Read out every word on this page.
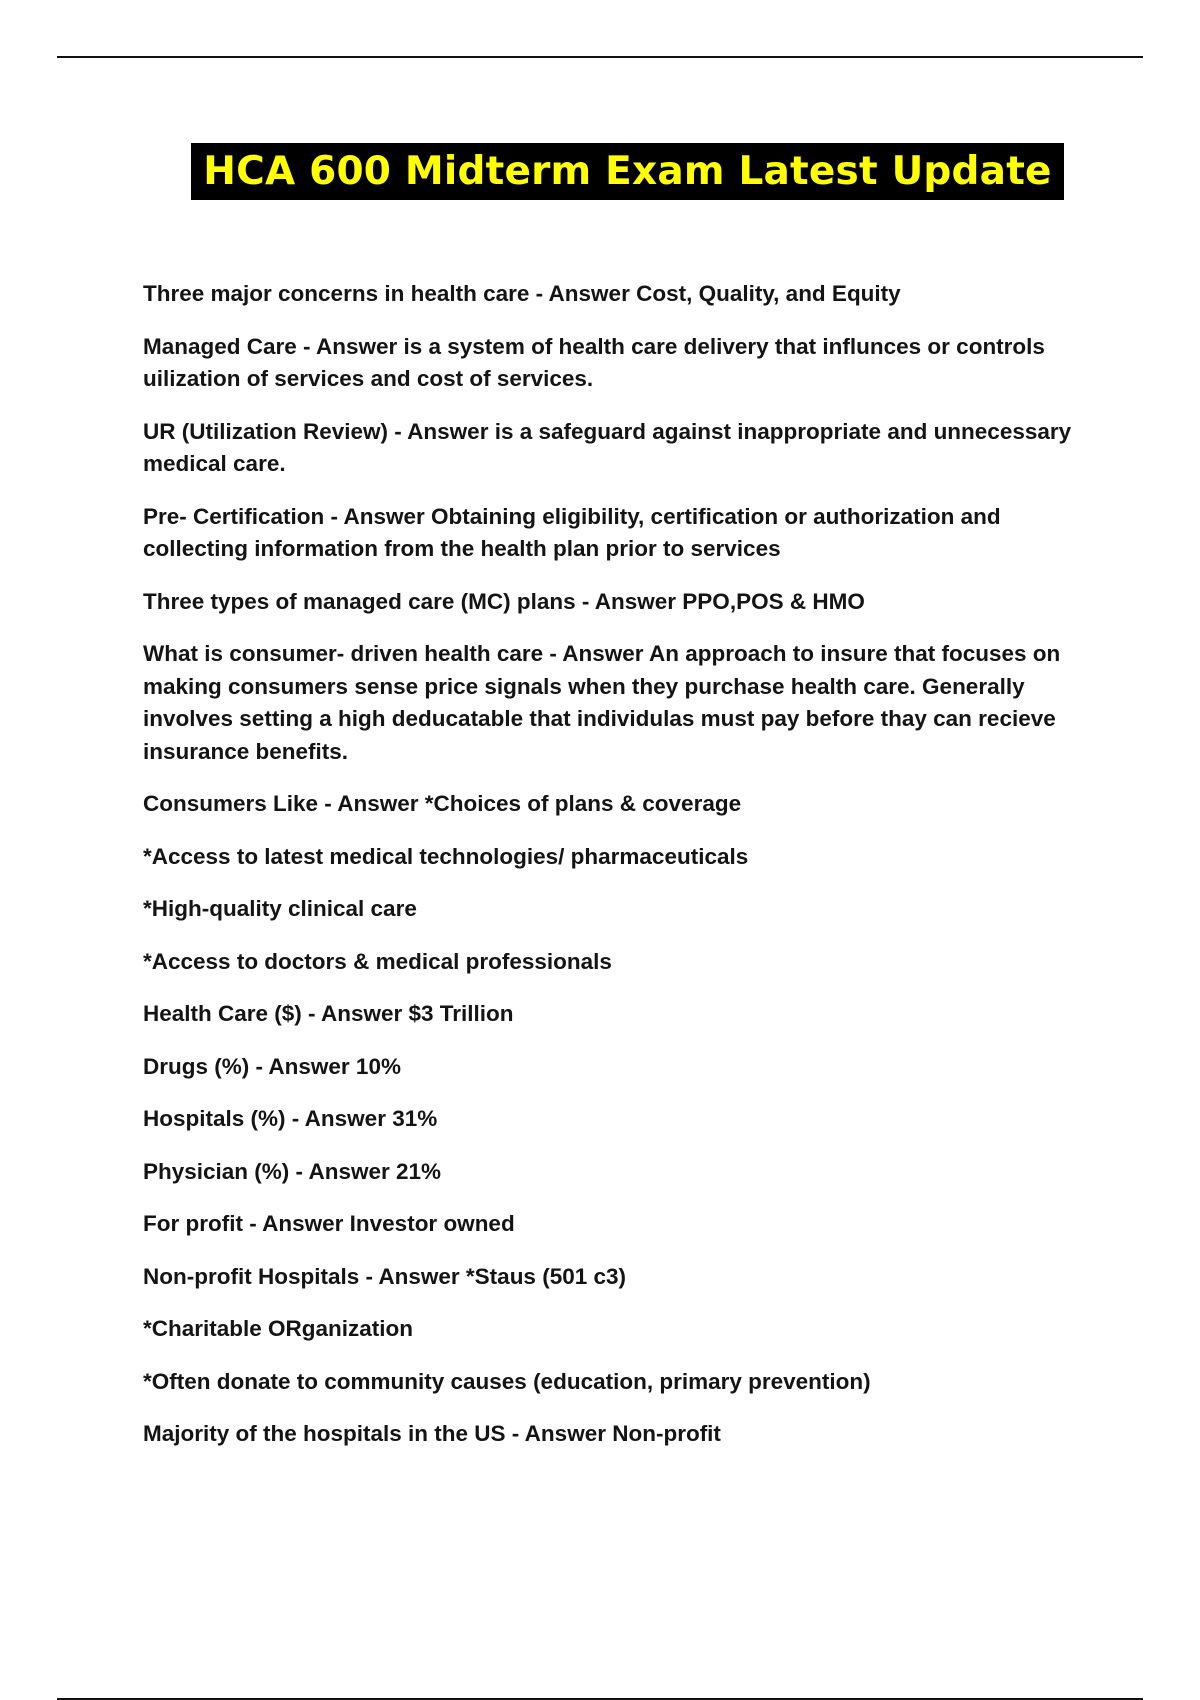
HCA 600 Midterm Exam Latest Update

Three major concerns in health care - Answer Cost, Quality, and Equity

Managed Care - Answer is a system of health care delivery that influnces or controls uilization of services and cost of services.

UR (Utilization Review) - Answer is a safeguard against inappropriate and unnecessary medical care.

Pre- Certification - Answer Obtaining eligibility, certification or authorization and collecting information from the health plan prior to services

Three types of managed care (MC) plans - Answer PPO,POS & HMO

What is consumer- driven health care - Answer An approach to insure that focuses on making consumers sense price signals when they purchase health care. Generally involves setting a high deducatable that individulas must pay before thay can recieve insurance benefits.

Consumers Like - Answer *Choices of plans & coverage

*Access to latest medical technologies/ pharmaceuticals

*High-quality clinical care

*Access to doctors & medical professionals

Health Care ($) - Answer $3 Trillion

Drugs (%) - Answer 10%

Hospitals (%) - Answer 31%

Physician (%) - Answer 21%

For profit - Answer Investor owned

Non-profit Hospitals - Answer *Staus (501 c3)

*Charitable ORganization

*Often donate to community causes (education, primary prevention)

Majority of the hospitals in the US - Answer Non-profit
